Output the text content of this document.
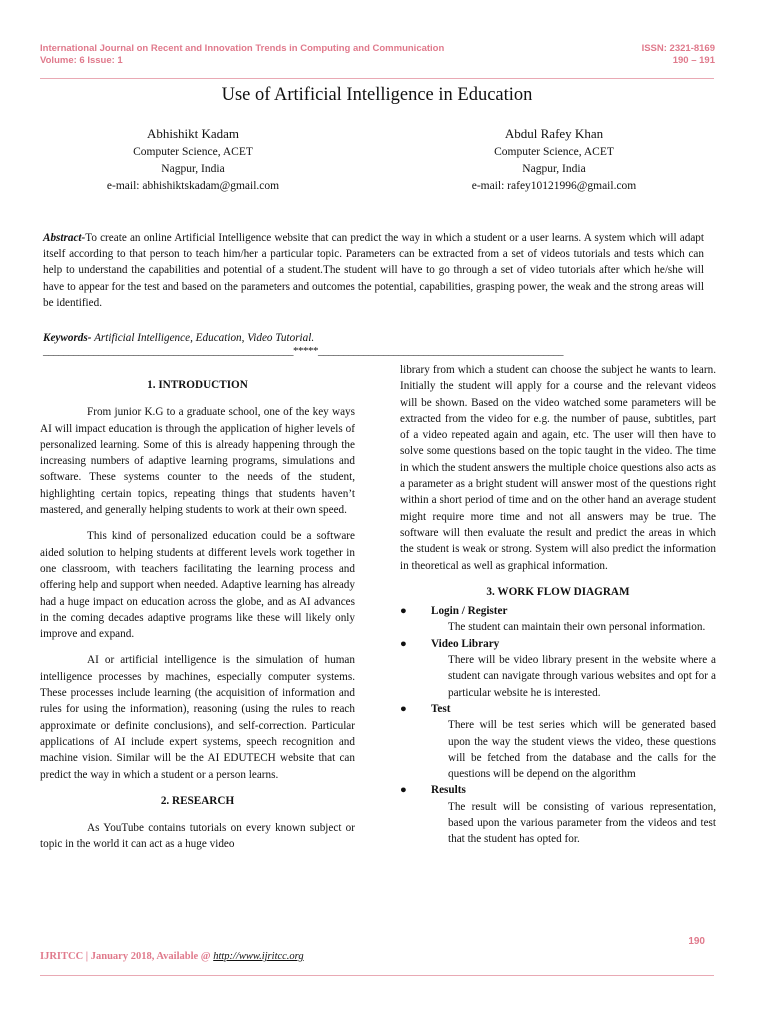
International Journal on Recent and Innovation Trends in Computing and Communication
Volume: 6 Issue: 1
ISSN: 2321-8169
190 – 191
Use of Artificial Intelligence in Education
Abhishikt Kadam
Computer Science, ACET
Nagpur, India
e-mail: abhishiktskadam@gmail.com
Abdul Rafey Khan
Computer Science, ACET
Nagpur, India
e-mail: rafey10121996@gmail.com
Abstract-To create an online Artificial Intelligence website that can predict the way in which a student or a user learns. A system which will adapt itself according to that person to teach him/her a particular topic. Parameters can be extracted from a set of videos tutorials and tests which can help to understand the capabilities and potential of a student.The student will have to go through a set of video tutorials after which he/she will have to appear for the test and based on the parameters and outcomes the potential, capabilities, grasping power, the weak and the strong areas will be identified.
Keywords- Artificial Intelligence, Education, Video Tutorial.
__________________________________________________*****_________________________________________________
1. INTRODUCTION

From junior K.G to a graduate school, one of the key ways AI will impact education is through the application of higher levels of personalized learning. Some of this is already happening through the increasing numbers of adaptive learning programs, simulations and software. These systems counter to the needs of the student, highlighting certain topics, repeating things that students haven’t mastered, and generally helping students to work at their own speed.

This kind of personalized education could be a software aided solution to helping students at different levels work together in one classroom, with teachers facilitating the learning process and offering help and support when needed. Adaptive learning has already had a huge impact on education across the globe, and as AI advances in the coming decades adaptive programs like these will likely only improve and expand.

AI or artificial intelligence is the simulation of human intelligence processes by machines, especially computer systems. These processes include learning (the acquisition of information and rules for using the information), reasoning (using the rules to reach approximate or definite conclusions), and self-correction. Particular applications of AI include expert systems, speech recognition and machine vision. Similar will be the AI EDUTECH website that can predict the way in which a student or a person learns.

2. RESEARCH

As YouTube contains tutorials on every known subject or topic in the world it can act as a huge video

library from which a student can choose the subject he wants to learn. Initially the student will apply for a course and the relevant videos will be shown. Based on the video watched some parameters will be extracted from the video for e.g. the number of pause, subtitles, part of a video repeated again and again, etc. The user will then have to solve some questions based on the topic taught in the video. The time in which the student answers the multiple choice questions also acts as a parameter as a bright student will answer most of the questions right within a short period of time and on the other hand an average student might require more time and not all answers may be true. The software will then evaluate the result and predict the areas in which the student is weak or strong. System will also predict the information in theoretical as well as graphical information.

3. WORK FLOW DIAGRAM
● Login / Register
The student can maintain their own personal information.
● Video Library
There will be video library present in the website where a student can navigate through various websites and opt for a particular website he is interested.
● Test
There will be test series which will be generated based upon the way the student views the video, these questions will be fetched from the database and the calls for the questions will be depend on the algorithm
● Results
The result will be consisting of various representation, based upon the various parameter from the videos and test that the student has opted for.
190
IJRITCC | January 2018, Available @ http://www.ijritcc.org
